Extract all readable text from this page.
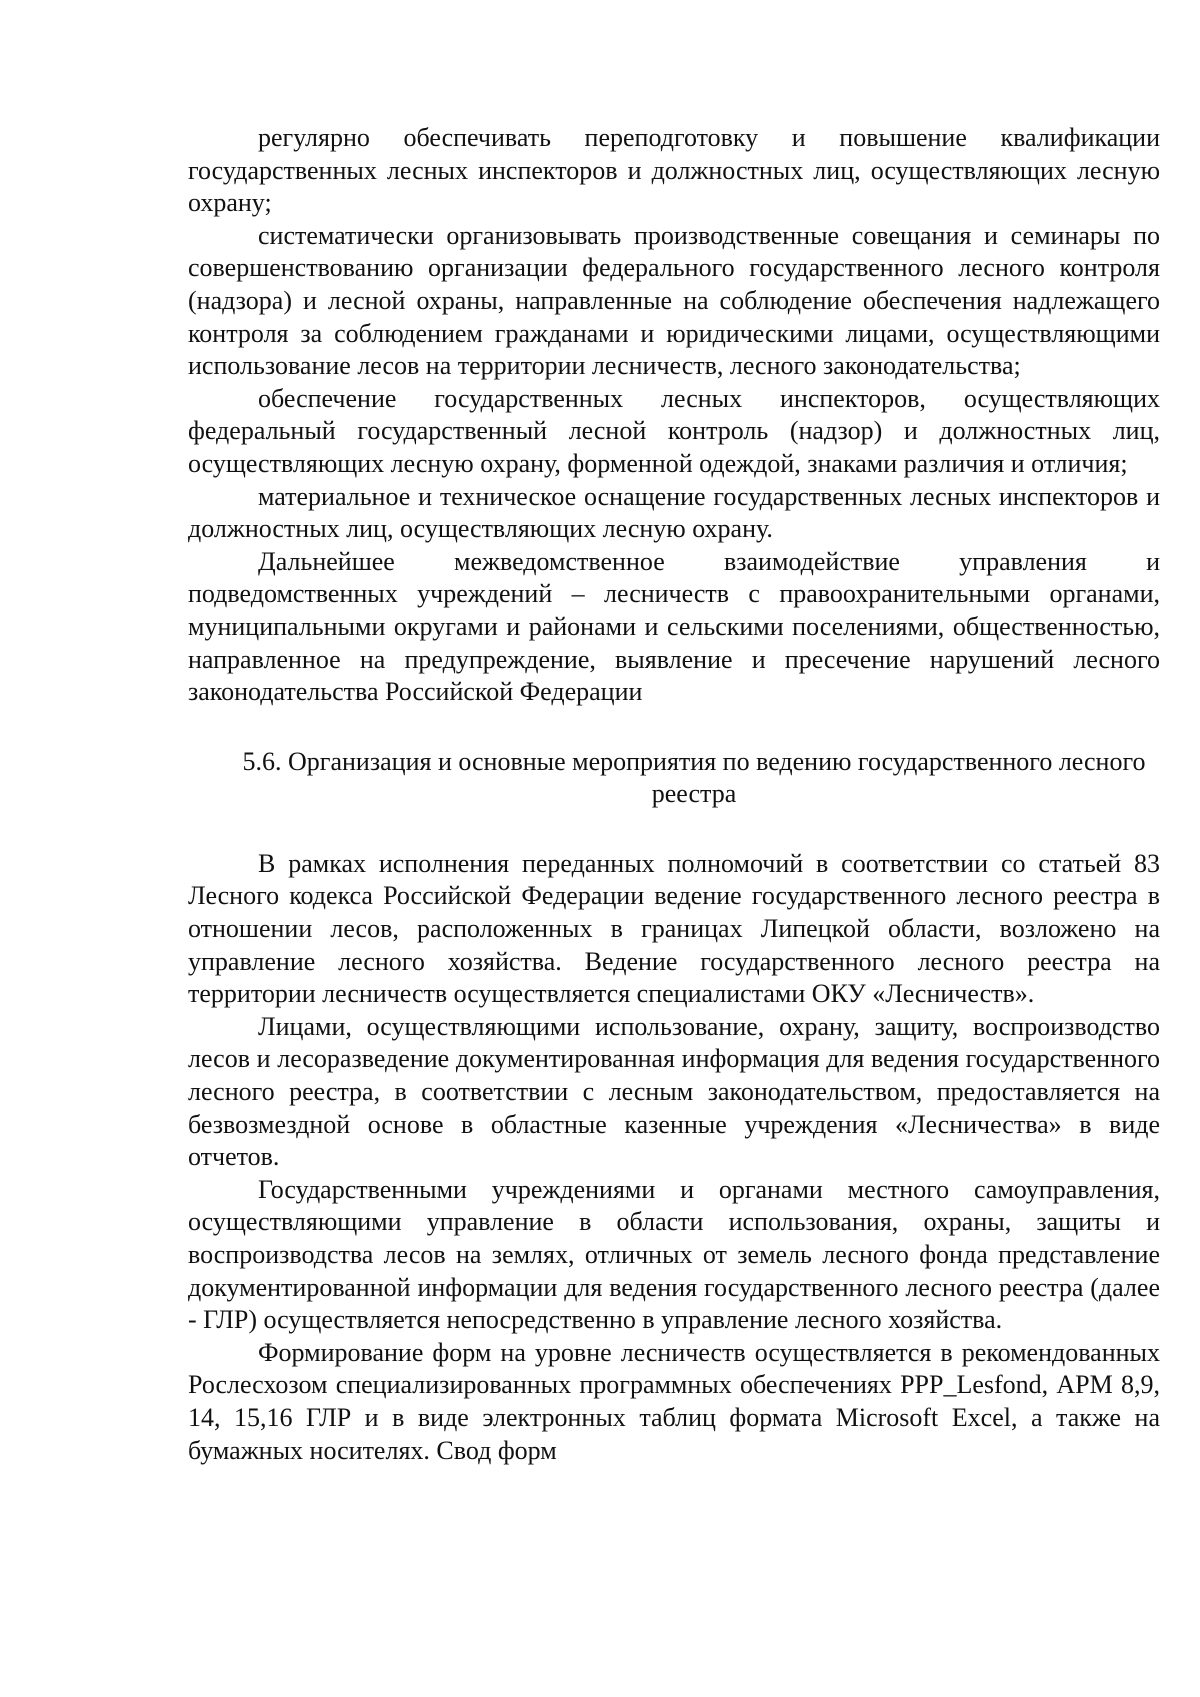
регулярно обеспечивать переподготовку и повышение квалификации государственных лесных инспекторов и должностных лиц, осуществляющих лесную охрану;

систематически организовывать производственные совещания и семинары по совершенствованию организации федерального государственного лесного контроля (надзора) и лесной охраны, направленные на соблюдение обеспечения надлежащего контроля за соблюдением гражданами и юридическими лицами, осуществляющими использование лесов на территории лесничеств, лесного законодательства;

обеспечение государственных лесных инспекторов, осуществляющих федеральный государственный лесной контроль (надзор) и должностных лиц, осуществляющих лесную охрану, форменной одеждой, знаками различия и отличия;

материальное и техническое оснащение государственных лесных инспекторов и должностных лиц, осуществляющих лесную охрану.

Дальнейшее межведомственное взаимодействие управления и подведомственных учреждений – лесничеств с правоохранительными органами, муниципальными округами и районами и сельскими поселениями, общественностью, направленное на предупреждение, выявление и пресечение нарушений лесного законодательства Российской Федерации

5.6. Организация и основные мероприятия по ведению государственного лесного реестра

В рамках исполнения переданных полномочий в соответствии со статьей 83 Лесного кодекса Российской Федерации ведение государственного лесного реестра в отношении лесов, расположенных в границах Липецкой области, возложено на управление лесного хозяйства. Ведение государственного лесного реестра на территории лесничеств осуществляется специалистами ОКУ «Лесничеств».

Лицами, осуществляющими использование, охрану, защиту, воспроизводство лесов и лесоразведение документированная информация для ведения государственного лесного реестра, в соответствии с лесным законодательством, предоставляется на безвозмездной основе в областные казенные учреждения «Лесничества» в виде отчетов.

Государственными учреждениями и органами местного самоуправления, осуществляющими управление в области использования, охраны, защиты и воспроизводства лесов на землях, отличных от земель лесного фонда представление документированной информации для ведения государственного лесного реестра (далее - ГЛР) осуществляется непосредственно в управление лесного хозяйства.

Формирование форм на уровне лесничеств осуществляется в рекомендованных Рослесхозом специализированных программных обеспечениях PPP_Lesfond, АРМ 8,9, 14, 15,16 ГЛР и в виде электронных таблиц формата Microsoft Excel, а также на бумажных носителях. Свод форм
